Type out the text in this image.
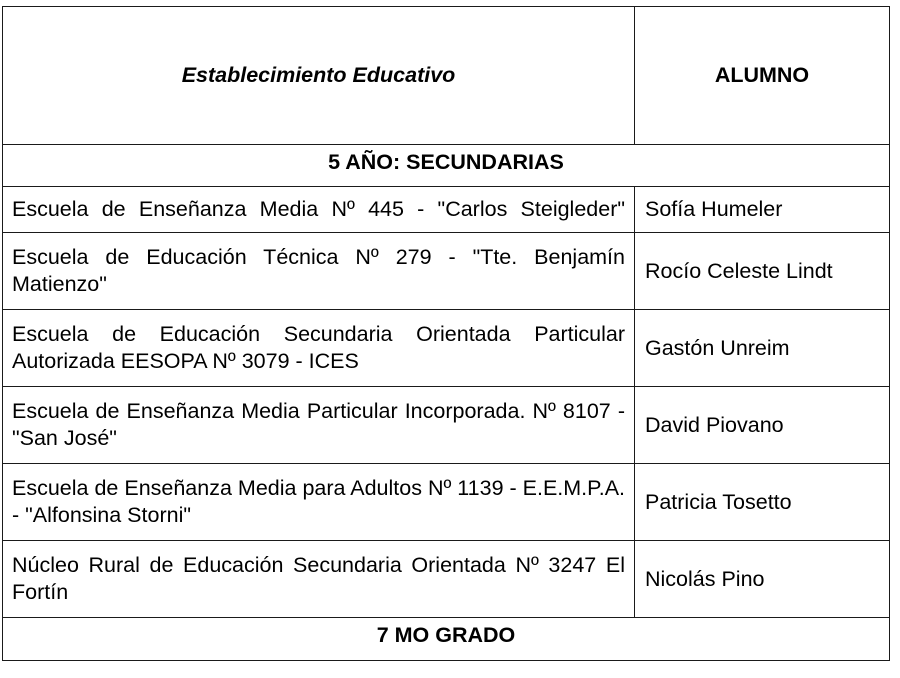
Establecimiento Educativo	ALUMNO
5 AÑO: SECUNDARIAS	
Escuela de Enseñanza Media Nº 445 - "Carlos Steigleder"	Sofía Humeler
Escuela de Educación Técnica Nº 279 - "Tte. Benjamín Matienzo"	Rocío Celeste Lindt
Escuela de Educación Secundaria Orientada Particular Autorizada EESOPA Nº 3079 - ICES	Gastón Unreim
Escuela de Enseñanza Media Particular Incorporada. Nº 8107 - "San José"	David Piovano
Escuela de Enseñanza Media para Adultos Nº 1139 - E.E.M.P.A. - "Alfonsina Storni"	Patricia Tosetto
Núcleo Rural de Educación Secundaria Orientada Nº 3247 El Fortín	Nicolás Pino
7 MO GRADO	
